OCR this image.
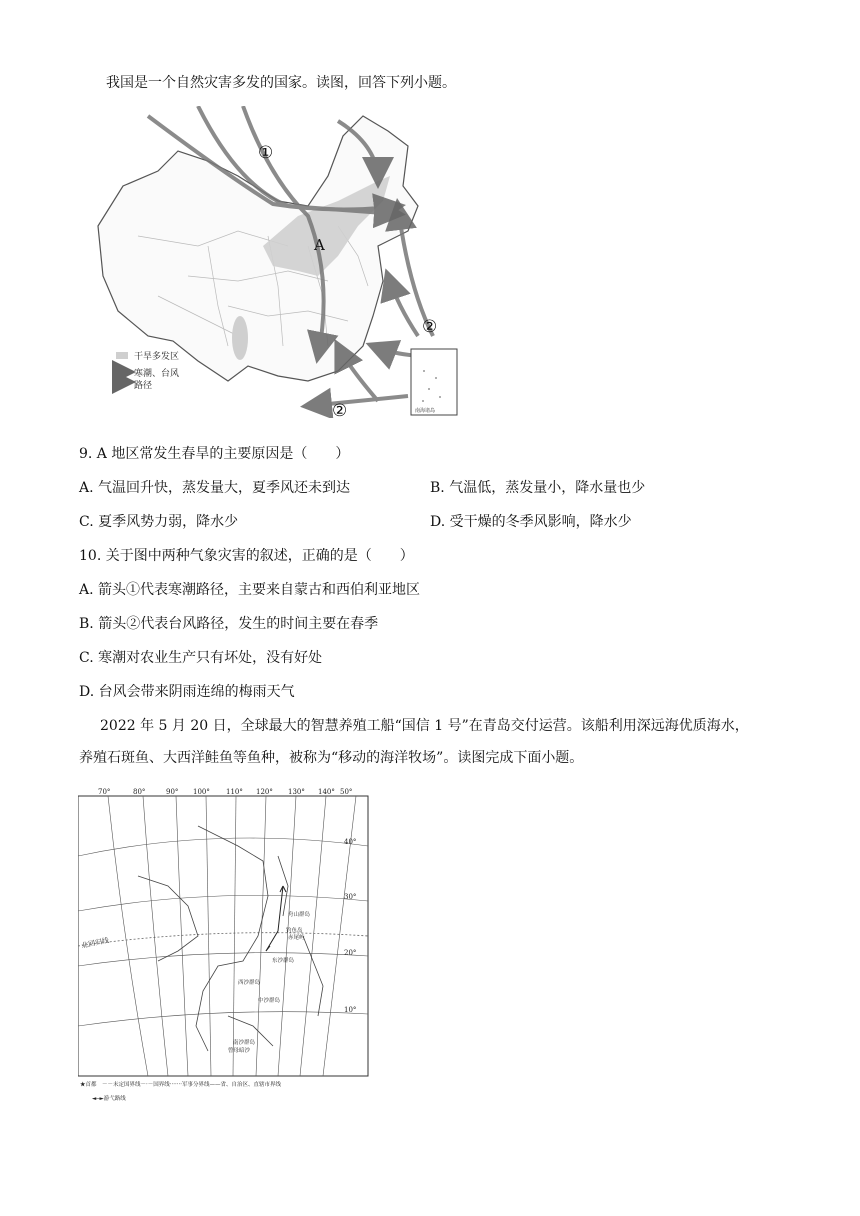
我国是一个自然灾害多发的国家。读图，回答下列小题。
南海诸岛
A
①
②
②
干旱多发区
寒潮、台风
路径
9. A 地区常发生春旱的主要原因是（　　）
A. 气温回升快，蒸发量大，夏季风还未到达	B. 气温低，蒸发量小，降水量也少
C. 夏季风势力弱，降水少	D. 受干燥的冬季风影响，降水少
10. 关于图中两种气象灾害的叙述，正确的是（　　）
A. 箭头①代表寒潮路径，主要来自蒙古和西伯利亚地区
B. 箭头②代表台风路径，发生的时间主要在春季
C. 寒潮对农业生产只有坏处，没有好处
D. 台风会带来阴雨连绵的梅雨天气
2022 年 5 月 20 日，全球最大的智慧养殖工船“国信 1 号”在青岛交付运营。该船利用深远海优质海水，
养殖石斑鱼、大西洋鲑鱼等鱼种，被称为“移动的海洋牧场”。读图完成下面小题。
70°	80°	90° 100° 110° 120° 130° 140° 50°
40°
30°
20°
10°
北回归线
舟山群岛
钓鱼岛
赤尾屿
东沙群岛
西沙群岛
中沙群岛
南沙群岛
曾母暗沙
★首都　－－未定国界线－·－国界线·······军事分界线——省、自治区、直辖市界线
◄─►游弋路线
